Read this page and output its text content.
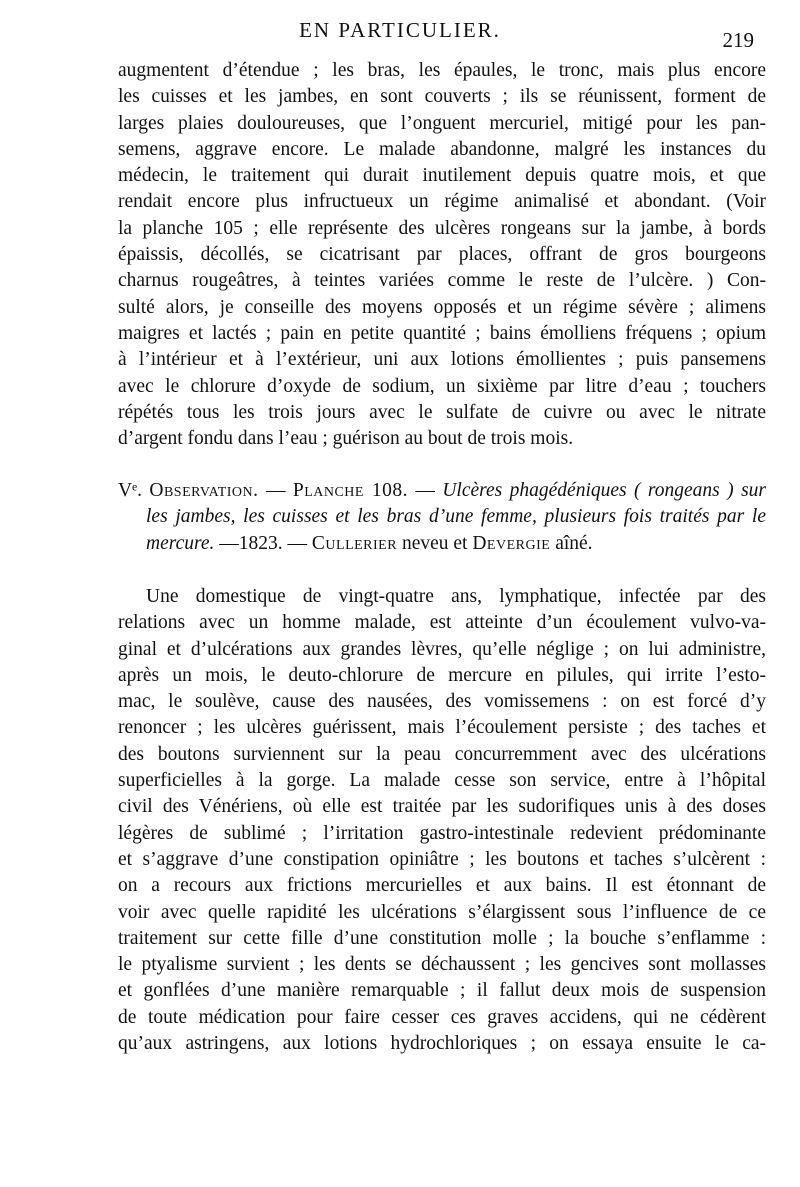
EN PARTICULIER.	219
augmentent d’étendue ; les bras, les épaules, le tronc, mais plus encore
les cuisses et les jambes, en sont couverts ; ils se réunissent, forment de
larges plaies douloureuses, que l’onguent mercuriel, mitigé pour les pan-
semens, aggrave encore. Le malade abandonne, malgré les instances du
médecin, le traitement qui durait inutilement depuis quatre mois, et que
rendait encore plus infructueux un régime animalisé et abondant. (Voir
la planche 105 ; elle représente des ulcères rongeans sur la jambe, à bords
épaissis, décollés, se cicatrisant par places, offrant de gros bourgeons
charnus rougeâtres, à teintes variées comme le reste de l’ulcère. ) Con-
sulté alors, je conseille des moyens opposés et un régime sévère ; alimens
maigres et lactés ; pain en petite quantité ; bains émolliens fréquens ; opium
à l’intérieur et à l’extérieur, uni aux lotions émollientes ; puis pansemens
avec le chlorure d’oxyde de sodium, un sixième par litre d’eau ; touchers
répétés tous les trois jours avec le sulfate de cuivre ou avec le nitrate
d’argent fondu dans l’eau ; guérison au bout de trois mois.
Vᵉ. Observation. — Planche 108. — Ulcères phagédéniques ( rongeans ) sur
les jambes, les cuisses et les bras d’une femme, plusieurs fois traités par le
mercure. —1823. — Cullerier neveu et Devergie aîné.
Une domestique de vingt-quatre ans, lymphatique, infectée par des
relations avec un homme malade, est atteinte d’un écoulement vulvo-va-
ginal et d’ulcérations aux grandes lèvres, qu’elle néglige ; on lui administre,
après un mois, le deuto-chlorure de mercure en pilules, qui irrite l’esto-
mac, le soulève, cause des nausées, des vomissemens : on est forcé d’y
renoncer ; les ulcères guérissent, mais l’écoulement persiste ; des taches et
des boutons surviennent sur la peau concurremment avec des ulcérations
superficielles à la gorge. La malade cesse son service, entre à l’hôpital
civil des Vénériens, où elle est traitée par les sudorifiques unis à des doses
légères de sublimé ; l’irritation gastro-intestinale redevient prédominante
et s’aggrave d’une constipation opiniâtre ; les boutons et taches s’ulcèrent :
on a recours aux frictions mercurielles et aux bains. Il est étonnant de
voir avec quelle rapidité les ulcérations s’élargissent sous l’influence de ce
traitement sur cette fille d’une constitution molle ; la bouche s’enflamme :
le ptyalisme survient ; les dents se déchaussent ; les gencives sont mollasses
et gonflées d’une manière remarquable ; il fallut deux mois de suspension
de toute médication pour faire cesser ces graves accidens, qui ne cédèrent
qu’aux astringens, aux lotions hydrochloriques ; on essaya ensuite le ca-
